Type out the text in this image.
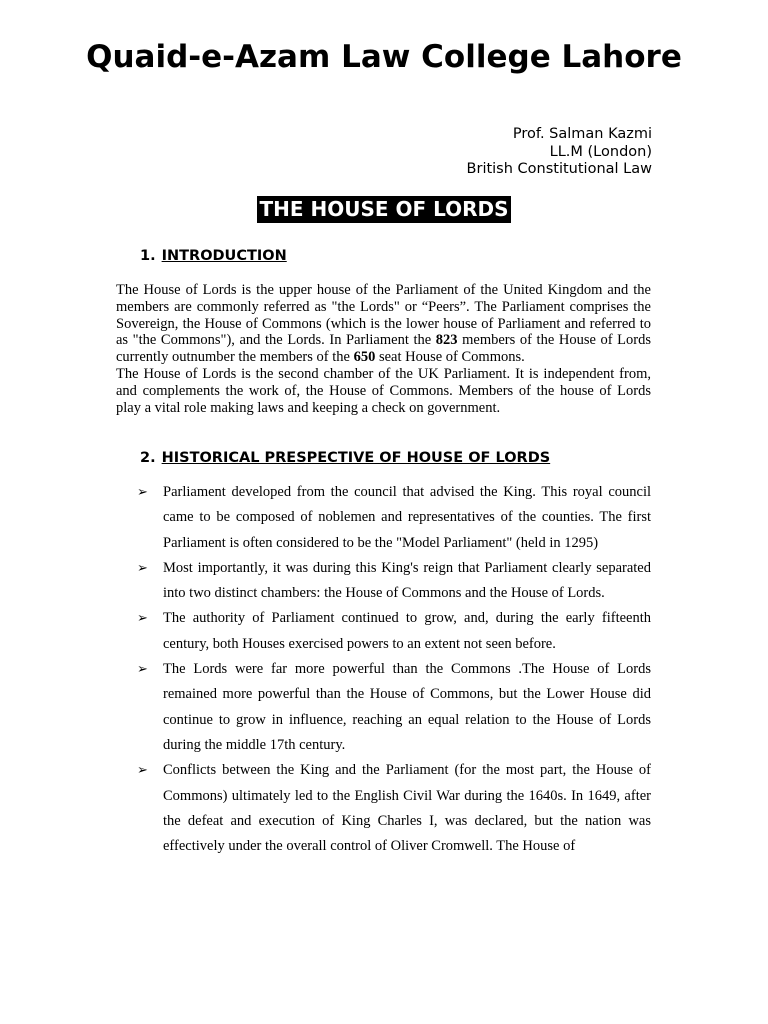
Quaid-e-Azam Law College Lahore
Prof. Salman Kazmi
LL.M (London)
British Constitutional Law
THE HOUSE OF LORDS
1. INTRODUCTION

The House of Lords is the upper house of the Parliament of the United Kingdom and the members are commonly referred as "the Lords" or “Peers”. The Parliament comprises the Sovereign, the House of Commons (which is the lower house of Parliament and referred to as "the Commons"), and the Lords. In Parliament the 823 members of the House of Lords currently outnumber the members of the 650 seat House of Commons.

The House of Lords is the second chamber of the UK Parliament. It is independent from, and complements the work of, the House of Commons. Members of the house of Lords play a vital role making laws and keeping a check on government.

2. HISTORICAL PRESPECTIVE OF HOUSE OF LORDS
➢ Parliament developed from the council that advised the King. This royal council came to be composed of noblemen and representatives of the counties. The first Parliament is often considered to be the "Model Parliament" (held in 1295)
➢ Most importantly, it was during this King's reign that Parliament clearly separated into two distinct chambers: the House of Commons and the House of Lords.
➢ The authority of Parliament continued to grow, and, during the early fifteenth century, both Houses exercised powers to an extent not seen before.
➢ The Lords were far more powerful than the Commons .The House of Lords remained more powerful than the House of Commons, but the Lower House did continue to grow in influence, reaching an equal relation to the House of Lords during the middle 17th century.
➢ Conflicts between the King and the Parliament (for the most part, the House of Commons) ultimately led to the English Civil War during the 1640s. In 1649, after the defeat and execution of King Charles I, was declared, but the nation was effectively under the overall control of Oliver Cromwell. The House of
